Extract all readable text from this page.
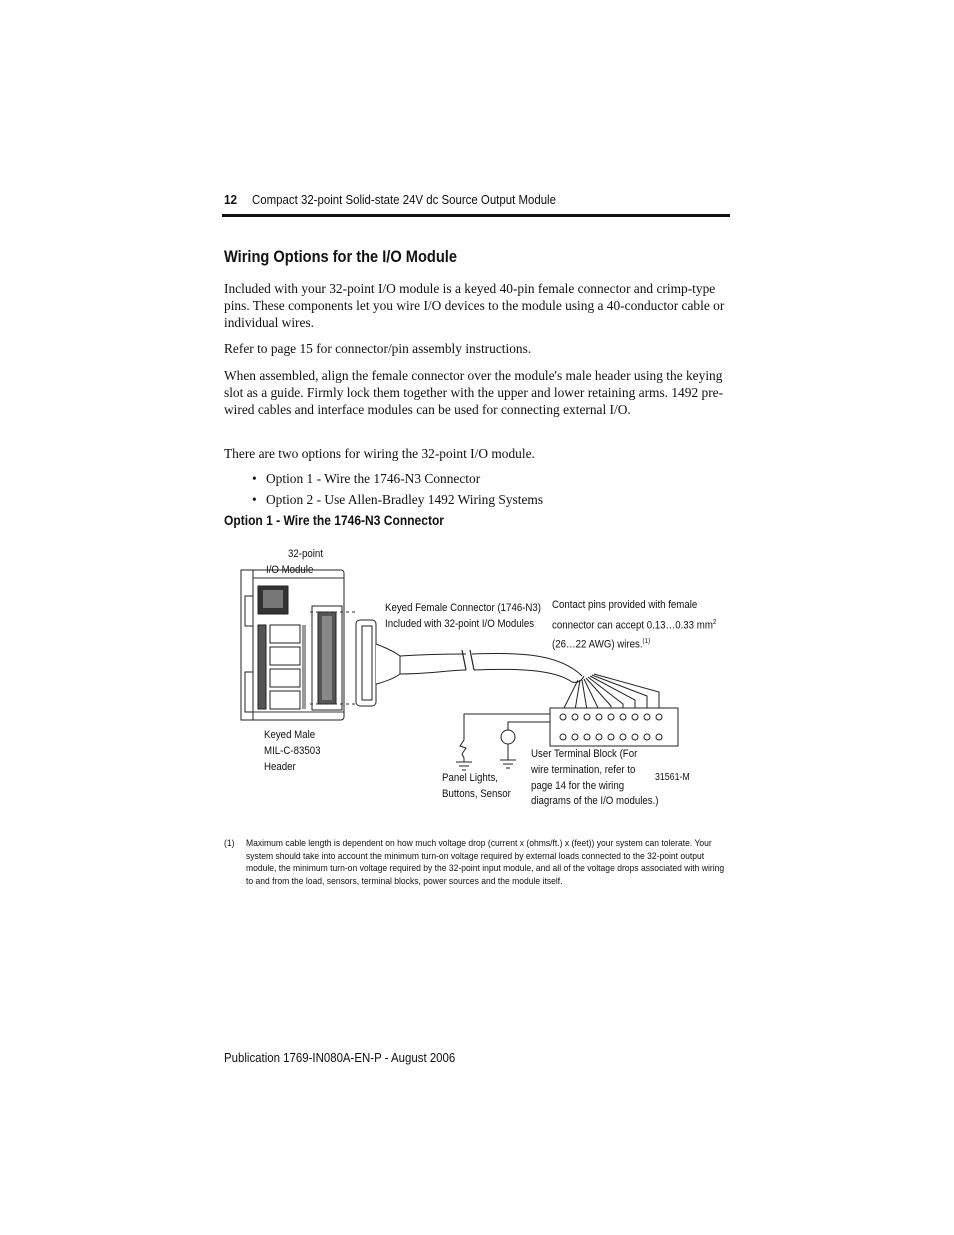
12 Compact 32-point Solid-state 24V dc Source Output Module
Wiring Options for the I/O Module

Included with your 32-point I/O module is a keyed 40-pin female connector and crimp-type pins. These components let you wire I/O devices to the module using a 40-conductor cable or individual wires.

Refer to page 15 for connector/pin assembly instructions.

When assembled, align the female connector over the module's male header using the keying slot as a guide. Firmly lock them together with the upper and lower retaining arms. 1492 pre-wired cables and interface modules can be used for connecting external I/O.

There are two options for wiring the 32-point I/O module.

• Option 1 - Wire the 1746-N3 Connector
• Option 2 - Use Allen-Bradley 1492 Wiring Systems
Option 1 - Wire the 1746-N3 Connector
32-point
I/O Module
Keyed Female Connector (1746-N3)
Included with 32-point I/O Modules
Contact pins provided with female
connector can accept 0.13…0.33 $mm^2$
(26…22 AWG) wires.$^{(1)}$
Keyed Male
MIL-C-83503
Header
Panel Lights,
Buttons, Sensor
User Terminal Block (For
wire termination, refer to
page 14 for the wiring
diagrams of the I/O modules.)
31561-M
(1) Maximum cable length is dependent on how much voltage drop (current x (ohms/ft.) x (feet)) your system can tolerate. Your system should take into account the minimum turn-on voltage required by external loads connected to the 32-point output module, the minimum turn-on voltage required by the 32-point input module, and all of the voltage drops associated with wiring to and from the load, sensors, terminal blocks, power sources and the module itself.
Publication 1769-IN080A-EN-P - August 2006
